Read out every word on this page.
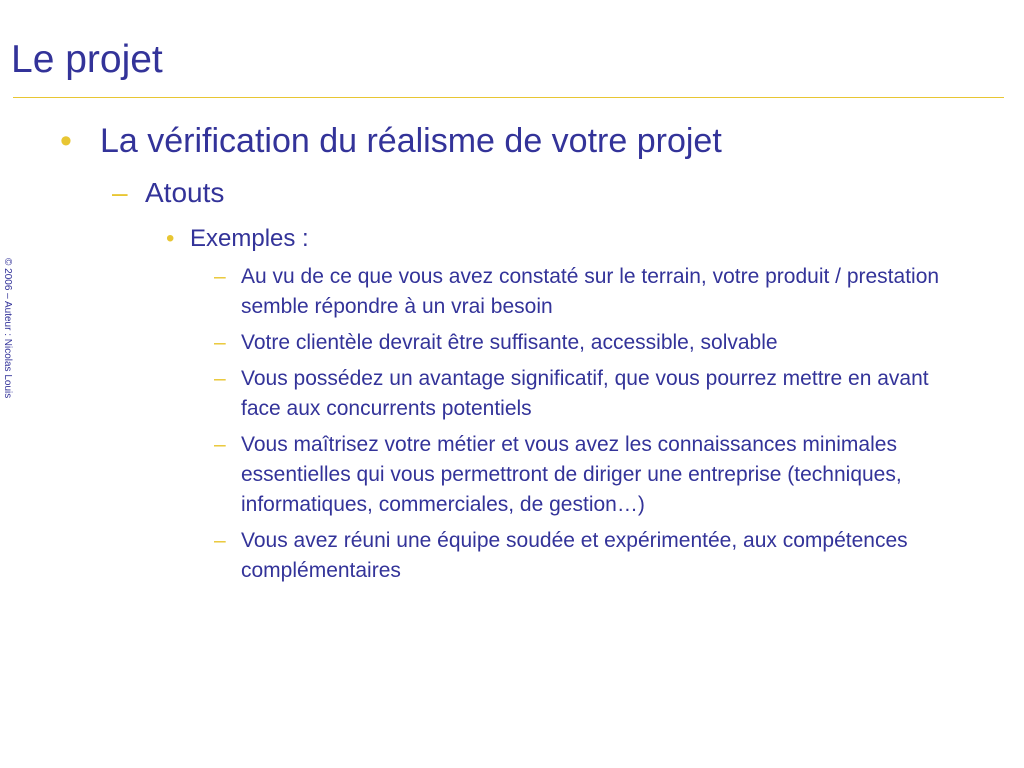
Le projet
© 2006 – Auteur : Nicolas Louis
• La vérification du réalisme de votre projet
– Atouts
• Exemples :
– Au vu de ce que vous avez constaté sur le terrain, votre produit / prestation semble répondre à un vrai besoin
– Votre clientèle devrait être suffisante, accessible, solvable
– Vous possédez un avantage significatif, que vous pourrez mettre en avant face aux concurrents potentiels
– Vous maîtrisez votre métier et vous avez les connaissances minimales essentielles qui vous permettront de diriger une entreprise (techniques, informatiques, commerciales, de gestion…)
– Vous avez réuni une équipe soudée et expérimentée, aux compétences complémentaires
